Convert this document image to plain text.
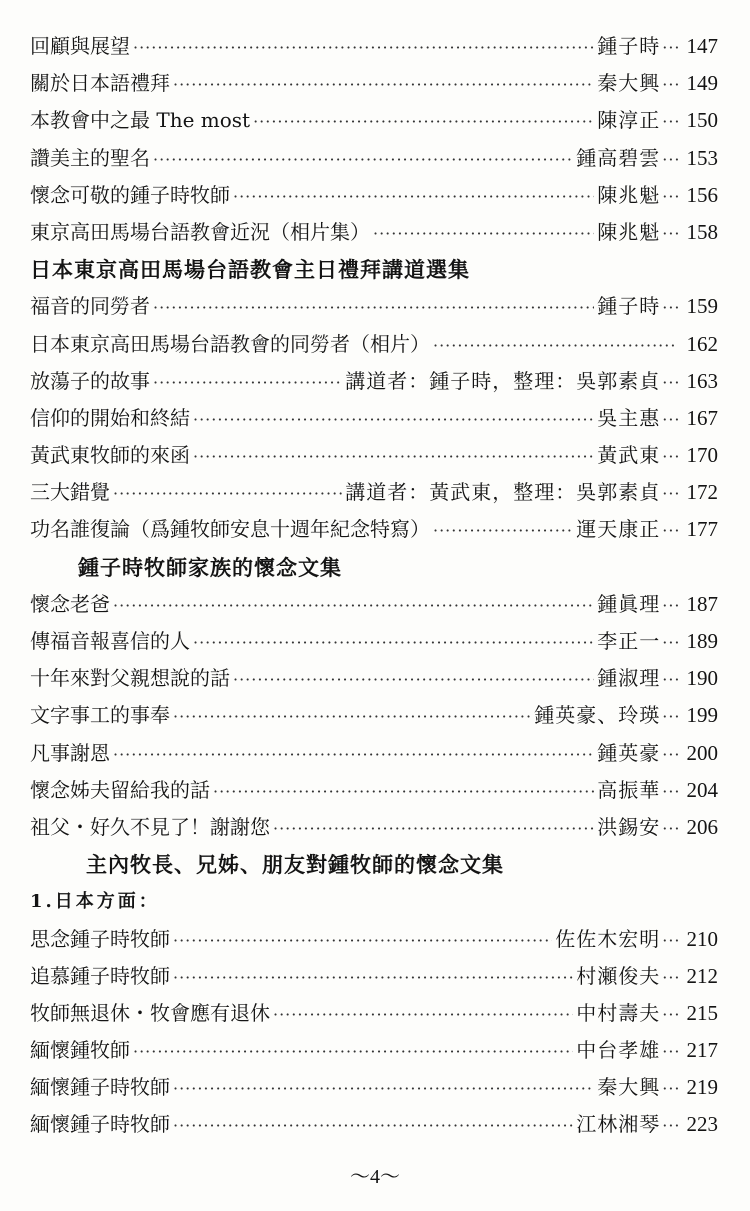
回顧與展望 ·····	鍾子時 ··· 147
關於日本語禮拜 ·····	秦大興 ··· 149
本教會中之最 The most ·····	陳淳正 ··· 150
讚美主的聖名 ·····	鍾高碧雲 ··· 153
懷念可敬的鍾子時牧師 ·····	陳兆魁 ··· 156
東京高田馬場台語教會近況（相片集） ·····	陳兆魁 ··· 158
日本東京高田馬場台語教會主日禮拜講道選集
福音的同勞者 ·····	鍾子時 ··· 159
日本東京高田馬場台語教會的同勞者（相片） ·····	162
放蕩子的故事 ·····	講道者：鍾子時，整理：吳郭素貞 ··· 163
信仰的開始和終結 ·····	吳主惠 ··· 167
黃武東牧師的來函 ·····	黃武東 ··· 170
三大錯覺 ·····	講道者：黃武東，整理：吳郭素貞 ··· 172
功名誰復論（爲鍾牧師安息十週年紀念特寫） ·····	運天康正 ··· 177
鍾子時牧師家族的懷念文集
懷念老爸 ·····	鍾眞理 ··· 187
傳福音報喜信的人 ·····	李正一 ··· 189
十年來對父親想說的話 ·····	鍾淑理 ··· 190
文字事工的事奉 ·····	鍾英豪、玲瑛 ··· 199
凡事謝恩 ·····	鍾英豪 ··· 200
懷念姊夫留給我的話 ·····	高振華 ··· 204
祖父・好久不見了！謝謝您 ·····	洪錫安 ··· 206
主內牧長、兄姊、朋友對鍾牧師的懷念文集
1.日本方面：
思念鍾子時牧師 ·····	佐佐木宏明 ··· 210
追慕鍾子時牧師 ·····	村瀬俊夫 ··· 212
牧師無退休・牧會應有退休 ·····	中村壽夫 ··· 215
緬懷鍾牧師 ·····	中台孝雄 ··· 217
緬懷鍾子時牧師 ·····	秦大興 ··· 219
緬懷鍾子時牧師 ·····	江林湘琴 ··· 223
～4～
